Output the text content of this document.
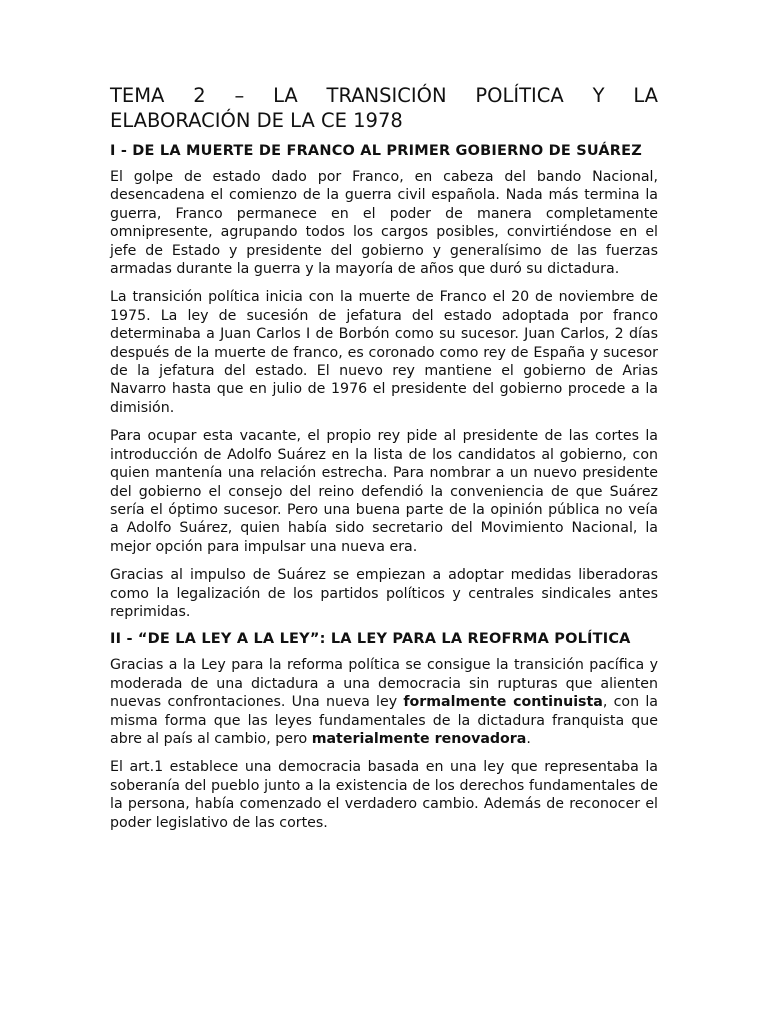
TEMA 2 – LA TRANSICIÓN POLÍTICA Y LA
ELABORACIÓN DE LA CE 1978
I - DE LA MUERTE DE FRANCO AL PRIMER GOBIERNO DE SUÁREZ

El golpe de estado dado por Franco, en cabeza del bando Nacional, desencadena el comienzo de la guerra civil española. Nada más termina la guerra, Franco permanece en el poder de manera completamente omnipresente, agrupando todos los cargos posibles, convirtiéndose en el jefe de Estado y presidente del gobierno y generalísimo de las fuerzas armadas durante la guerra y la mayoría de años que duró su dictadura.

La transición política inicia con la muerte de Franco el 20 de noviembre de 1975. La ley de sucesión de jefatura del estado adoptada por franco determinaba a Juan Carlos I de Borbón como su sucesor. Juan Carlos, 2 días después de la muerte de franco, es coronado como rey de España y sucesor de la jefatura del estado. El nuevo rey mantiene el gobierno de Arias Navarro hasta que en julio de 1976 el presidente del gobierno procede a la dimisión.

Para ocupar esta vacante, el propio rey pide al presidente de las cortes la introducción de Adolfo Suárez en la lista de los candidatos al gobierno, con quien mantenía una relación estrecha. Para nombrar a un nuevo presidente del gobierno el consejo del reino defendió la conveniencia de que Suárez sería el óptimo sucesor. Pero una buena parte de la opinión pública no veía a Adolfo Suárez, quien había sido secretario del Movimiento Nacional, la mejor opción para impulsar una nueva era.

Gracias al impulso de Suárez se empiezan a adoptar medidas liberadoras como la legalización de los partidos políticos y centrales sindicales antes reprimidas.

II - “DE LA LEY A LA LEY”: LA LEY PARA LA REOFRMA POLÍTICA

Gracias a la Ley para la reforma política se consigue la transición pacífica y moderada de una dictadura a una democracia sin rupturas que alienten nuevas confrontaciones. Una nueva ley formalmente continuista, con la misma forma que las leyes fundamentales de la dictadura franquista que abre al país al cambio, pero materialmente renovadora.

El art.1 establece una democracia basada en una ley que representaba la soberanía del pueblo junto a la existencia de los derechos fundamentales de la persona, había comenzado el verdadero cambio. Además de reconocer el poder legislativo de las cortes.
